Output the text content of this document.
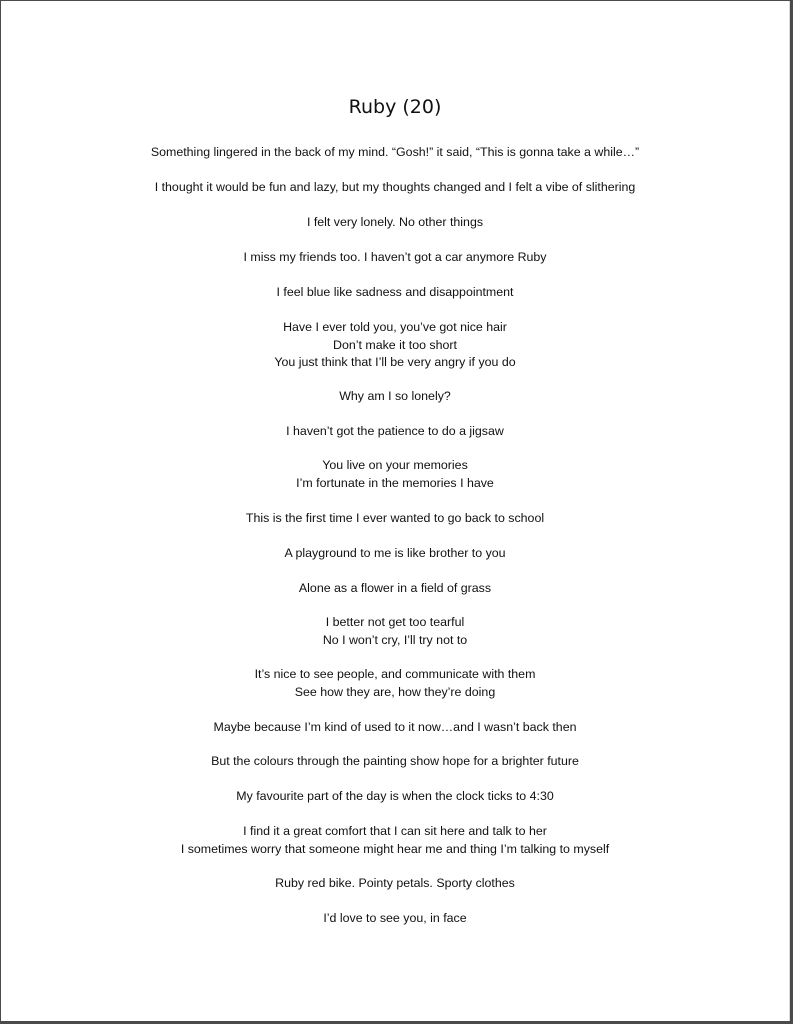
Ruby (20)
Something lingered in the back of my mind. “Gosh!” it said, “This is gonna take a while…”
I thought it would be fun and lazy, but my thoughts changed and I felt a vibe of slithering
I felt very lonely. No other things
I miss my friends too. I haven’t got a car anymore Ruby
I feel blue like sadness and disappointment
Have I ever told you, you’ve got nice hair
Don’t make it too short
You just think that I’ll be very angry if you do
Why am I so lonely?
I haven’t got the patience to do a jigsaw
You live on your memories
I’m fortunate in the memories I have
This is the first time I ever wanted to go back to school
A playground to me is like brother to you
Alone as a flower in a field of grass
I better not get too tearful
No I won’t cry, I’ll try not to
It’s nice to see people, and communicate with them
See how they are, how they’re doing
Maybe because I’m kind of used to it now…and I wasn’t back then
But the colours through the painting show hope for a brighter future
My favourite part of the day is when the clock ticks to 4:30
I find it a great comfort that I can sit here and talk to her
I sometimes worry that someone might hear me and thing I’m talking to myself
Ruby red bike. Pointy petals. Sporty clothes
I’d love to see you, in face
